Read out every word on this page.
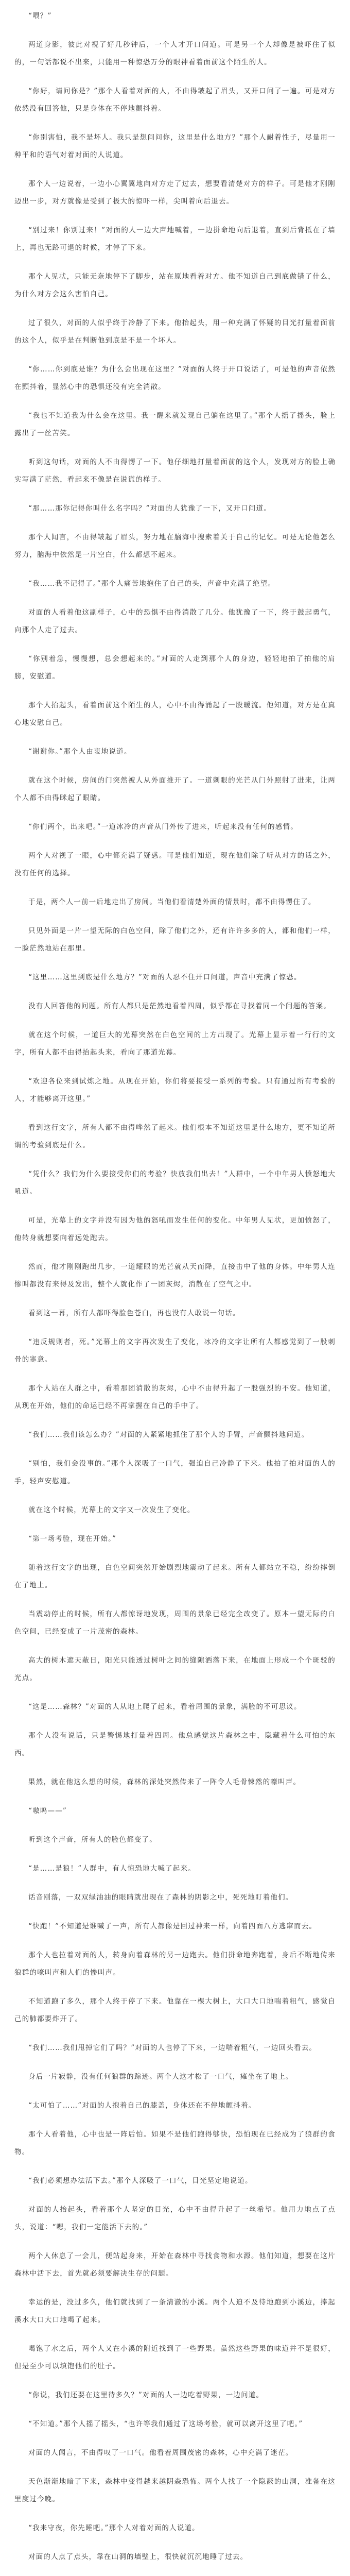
“喂？”

两道身影，彼此对视了好几秒钟后，一个人才开口问道。可是另一个人却像是被吓住了似的，一句话都说不出来，只能用一种惊恐万分的眼神看着面前这个陌生的人。

“你好，请问你是？”那个人看着对面的人，不由得皱起了眉头，又开口问了一遍。可是对方依然没有回答他，只是身体在不停地颤抖着。

“你别害怕，我不是坏人。我只是想问问你，这里是什么地方？”那个人耐着性子，尽量用一种平和的语气对着对面的人说道。

那个人一边说着，一边小心翼翼地向对方走了过去，想要看清楚对方的样子。可是他才刚刚迈出一步，对方就像是受到了极大的惊吓一样，尖叫着向后退去。

“别过来！你别过来！”对面的人一边大声地喊着，一边拼命地向后退着，直到后背抵在了墙上，再也无路可退的时候，才停了下来。

那个人见状，只能无奈地停下了脚步，站在原地看着对方。他不知道自己到底做错了什么，为什么对方会这么害怕自己。

过了很久，对面的人似乎终于冷静了下来。他抬起头，用一种充满了怀疑的目光打量着面前的这个人，似乎是在判断他到底是不是一个坏人。

“你……你到底是谁？为什么会出现在这里？”对面的人终于开口说话了，可是他的声音依然在颤抖着，显然心中的恐惧还没有完全消散。

“我也不知道我为什么会在这里。我一醒来就发现自己躺在这里了。”那个人摇了摇头，脸上露出了一丝苦笑。

听到这句话，对面的人不由得愣了一下。他仔细地打量着面前的这个人，发现对方的脸上确实写满了茫然，看起来不像是在说谎的样子。

“那……那你记得你叫什么名字吗？”对面的人犹豫了一下，又开口问道。

那个人闻言，不由得皱起了眉头，努力地在脑海中搜索着关于自己的记忆。可是无论他怎么努力，脑海中依然是一片空白，什么都想不起来。

“我……我不记得了。”那个人痛苦地抱住了自己的头，声音中充满了绝望。

对面的人看着他这副样子，心中的恐惧不由得消散了几分。他犹豫了一下，终于鼓起勇气，向那个人走了过去。

“你别着急，慢慢想，总会想起来的。”对面的人走到那个人的身边，轻轻地拍了拍他的肩膀，安慰道。

那个人抬起头，看着面前这个陌生的人，心中不由得涌起了一股暖流。他知道，对方是在真心地安慰自己。

“谢谢你。”那个人由衷地说道。

就在这个时候，房间的门突然被人从外面推开了。一道刺眼的光芒从门外照射了进来，让两个人都不由得眯起了眼睛。

“你们两个，出来吧。”一道冰冷的声音从门外传了进来，听起来没有任何的感情。

两个人对视了一眼，心中都充满了疑惑。可是他们知道，现在他们除了听从对方的话之外，没有任何的选择。

于是，两个人一前一后地走出了房间。当他们看清楚外面的情景时，都不由得愣住了。

只见外面是一片一望无际的白色空间，除了他们之外，还有许许多多的人，都和他们一样，一脸茫然地站在那里。

“这里……这里到底是什么地方？”对面的人忍不住开口问道，声音中充满了惊恐。

没有人回答他的问题。所有人都只是茫然地看着四周，似乎都在寻找着同一个问题的答案。

就在这个时候，一道巨大的光幕突然在白色空间的上方出现了。光幕上显示着一行行的文字，所有人都不由得抬起头来，看向了那道光幕。

“欢迎各位来到试炼之地。从现在开始，你们将要接受一系列的考验。只有通过所有考验的人，才能够离开这里。”

看到这行文字，所有人都不由得哗然了起来。他们根本不知道这里是什么地方，更不知道所谓的考验到底是什么。

“凭什么？我们为什么要接受你们的考验？快放我们出去！”人群中，一个中年男人愤怒地大吼道。

可是，光幕上的文字并没有因为他的怒吼而发生任何的变化。中年男人见状，更加愤怒了，他转身就想要向着远处跑去。

然而，他才刚刚跑出几步，一道耀眼的光芒就从天而降，直接击中了他的身体。中年男人连惨叫都没有来得及发出，整个人就化作了一团灰烬，消散在了空气之中。

看到这一幕，所有人都吓得脸色苍白，再也没有人敢说一句话。

“违反规则者，死。”光幕上的文字再次发生了变化，冰冷的文字让所有人都感觉到了一股刺骨的寒意。

那个人站在人群之中，看着那团消散的灰烬，心中不由得升起了一股强烈的不安。他知道，从现在开始，他们的命运已经不再掌握在自己的手中了。

“我们……我们该怎么办？”对面的人紧紧地抓住了那个人的手臂，声音颤抖地问道。

“别怕，我们会没事的。”那个人深吸了一口气，强迫自己冷静了下来。他拍了拍对面的人的手，轻声安慰道。

就在这个时候，光幕上的文字又一次发生了变化。

“第一场考验，现在开始。”

随着这行文字的出现，白色空间突然开始剧烈地震动了起来。所有人都站立不稳，纷纷摔倒在了地上。

当震动停止的时候，所有人都惊讶地发现，周围的景象已经完全改变了。原本一望无际的白色空间，已经变成了一片茂密的森林。

高大的树木遮天蔽日，阳光只能透过树叶之间的缝隙洒落下来，在地面上形成一个个斑驳的光点。

“这是……森林？”对面的人从地上爬了起来，看着周围的景象，满脸的不可思议。

那个人没有说话，只是警惕地打量着四周。他总感觉这片森林之中，隐藏着什么可怕的东西。

果然，就在他这么想的时候，森林的深处突然传来了一阵令人毛骨悚然的嚎叫声。

“嗷呜——”

听到这个声音，所有人的脸色都变了。

“是……是狼！”人群中，有人惊恐地大喊了起来。

话音刚落，一双双绿油油的眼睛就出现在了森林的阴影之中，死死地盯着他们。

“快跑！”不知道是谁喊了一声，所有人都像是回过神来一样，向着四面八方逃窜而去。

那个人也拉着对面的人，转身向着森林的另一边跑去。他们拼命地奔跑着，身后不断地传来狼群的嚎叫声和人们的惨叫声。

不知道跑了多久，那个人终于停了下来。他靠在一棵大树上，大口大口地喘着粗气，感觉自己的肺都要炸开了。

“我们……我们甩掉它们了吗？”对面的人也停了下来，一边喘着粗气，一边回头看去。

身后一片寂静，没有任何狼群的踪迹。两个人这才松了一口气，瘫坐在了地上。

“太可怕了……”对面的人抱着自己的膝盖，身体还在不停地颤抖着。

那个人看着他，心中也是一阵后怕。如果不是他们跑得够快，恐怕现在已经成为了狼群的食物。

“我们必须想办法活下去。”那个人深吸了一口气，目光坚定地说道。

对面的人抬起头，看着那个人坚定的目光，心中不由得升起了一丝希望。他用力地点了点头，说道：“嗯，我们一定能活下去的。”

两个人休息了一会儿，便站起身来，开始在森林中寻找食物和水源。他们知道，想要在这片森林中活下去，首先就必须要解决生存的问题。

幸运的是，没过多久，他们就找到了一条清澈的小溪。两个人迫不及待地跑到小溪边，捧起溪水大口大口地喝了起来。

喝饱了水之后，两个人又在小溪的附近找到了一些野果。虽然这些野果的味道并不是很好，但是至少可以填饱他们的肚子。

“你说，我们还要在这里待多久？”对面的人一边吃着野果，一边问道。

“不知道。”那个人摇了摇头，“也许等我们通过了这场考验，就可以离开这里了吧。”

对面的人闻言，不由得叹了一口气。他看着周围茂密的森林，心中充满了迷茫。

天色渐渐地暗了下来，森林中变得越来越阴森恐怖。两个人找了一个隐蔽的山洞，准备在这里度过今晚。

“我来守夜，你先睡吧。”那个人对着对面的人说道。

对面的人点了点头，靠在山洞的墙壁上，很快就沉沉地睡了过去。
